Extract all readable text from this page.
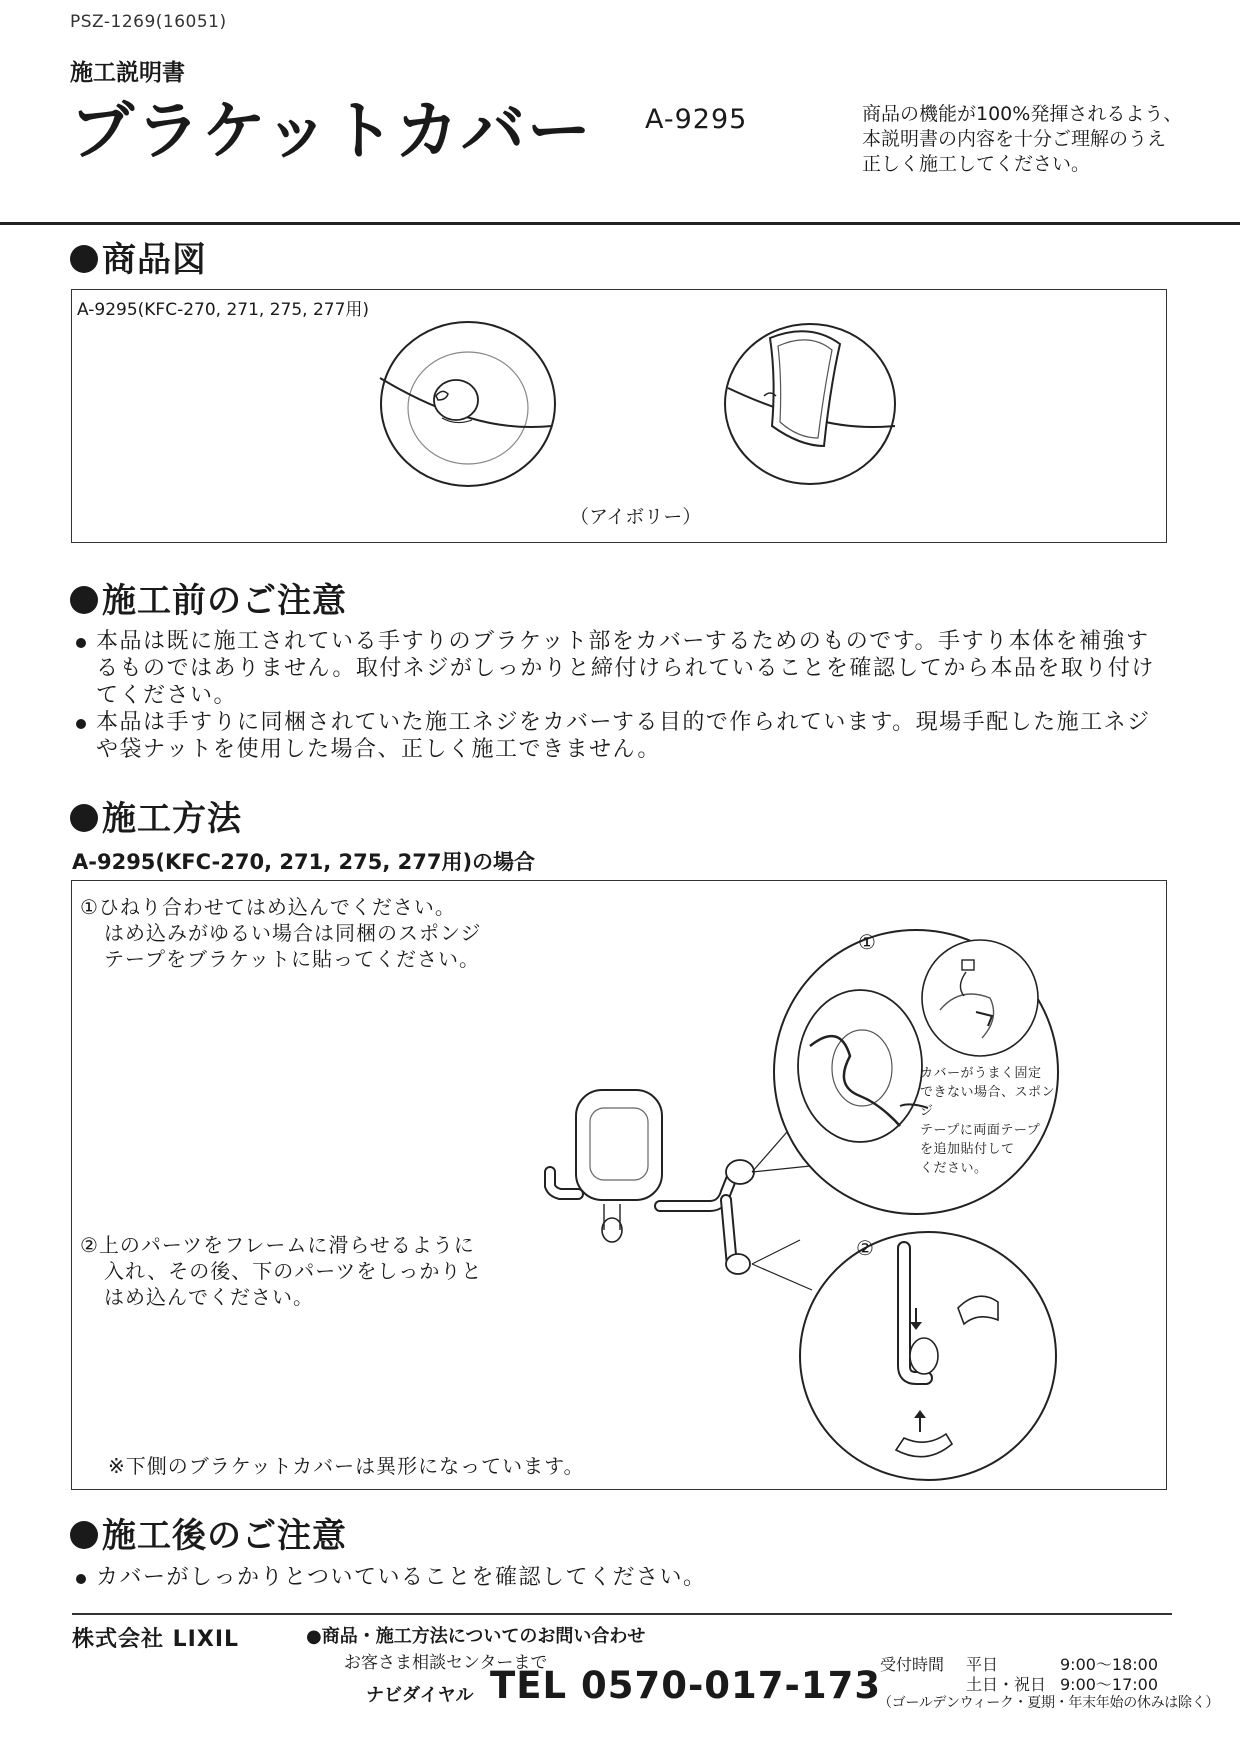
PSZ-1269(16051)
施工説明書
ブラケットカバー A-9295	商品の機能が100%発揮されるよう、
本説明書の内容を十分ご理解のうえ
正しく施工してください。
商品図
A-9295(KFC-270, 271, 275, 277用)
（アイボリー）
施工前のご注意
本品は既に施工されている手すりのブラケット部をカバーするためのものです。手すり本体を補強す
るものではありません。取付ネジがしっかりと締付けられていることを確認してから本品を取り付け
てください。
本品は手すりに同梱されていた施工ネジをカバーする目的で作られています。現場手配した施工ネジ
や袋ナットを使用した場合、正しく施工できません。
施工方法
A-9295(KFC-270, 271, 275, 277用)の場合
①ひねり合わせてはめ込んでください。
はめ込みがゆるい場合は同梱のスポンジ
テープをブラケットに貼ってください。
②上のパーツをフレームに滑らせるように
入れ、その後、下のパーツをしっかりと
はめ込んでください。
①
カバーがうまく固定
できない場合、スポンジ
テープに両面テープ
を追加貼付して
ください。
②
※下側のブラケットカバーは異形になっています。
施工後のご注意
カバーがしっかりとついていることを確認してください。
株式会社 LIXIL	●商品・施工方法についてのお問い合わせ
お客さま相談センターまで
ナビダイヤル TEL 0570-017-173
受付時間 平日	9:00～18:00
土日・祝日 9:00～17:00
（ゴールデンウィーク・夏期・年末年始の休みは除く）
